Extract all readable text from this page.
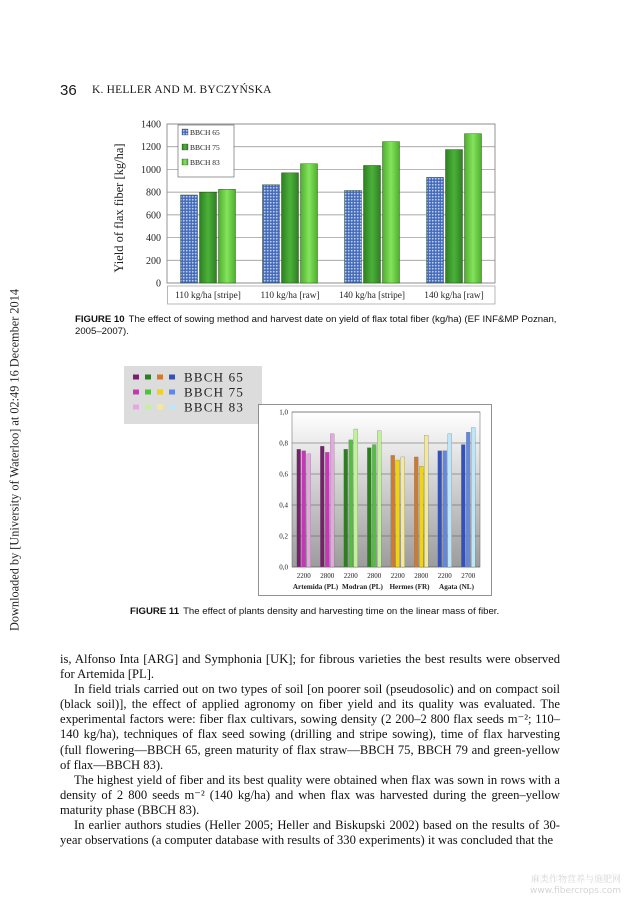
Downloaded by [University of Waterloo] at 02:49 16 December 2014
36 K. HELLER AND M. BYCZYŃSKA
Yield of flax fiber [kg/ha]
0
200
400
600
800
1000
1200
1400
110 kg/ha [stripe] 110 kg/ha [raw] 140 kg/ha [stripe] 140 kg/ha [raw]
BBCH 65
BBCH 75
BBCH 83
FIGURE 10 The effect of sowing method and harvest date on yield of flax total fiber (kg/ha) (EF INF&MP Poznan, 2005–2007).
BBCH 65
BBCH 75
BBCH 83
0,0
0,2
0,4
0,6
0,8
1,0
2200 2800 2200 2800 2200 2800 2200 2700
Artemida (PL) Modran (PL) Hermes (FR) Agata (NL)
FIGURE 11 The effect of plants density and harvesting time on the linear mass of fiber.

is, Alfonso Inta [ARG] and Symphonia [UK]; for fibrous varieties the best results were observed for Artemida [PL].

In field trials carried out on two types of soil [on poorer soil (pseudosolic) and on compact soil (black soil)], the effect of applied agronomy on fiber yield and its quality was evaluated. The experimental factors were: fiber flax cultivars, sowing density (2 200–2 800 flax seeds m⁻²; 110–140 kg/ha), techniques of flax seed sowing (drilling and stripe sowing), time of flax harvesting (full flowering—BBCH 65, green maturity of flax straw—BBCH 75, BBCH 79 and green-yellow of flax—BBCH 83).

The highest yield of fiber and its best quality were obtained when flax was sown in rows with a density of 2 800 seeds m⁻² (140 kg/ha) and when flax was harvested during the green–yellow maturity phase (BBCH 83).

In earlier authors studies (Heller 2005; Heller and Biskupski 2002) based on the results of 30-year observations (a computer database with results of 330 experiments) it was concluded that the

麻类作物营养与施肥网
www.fibercrops.com
